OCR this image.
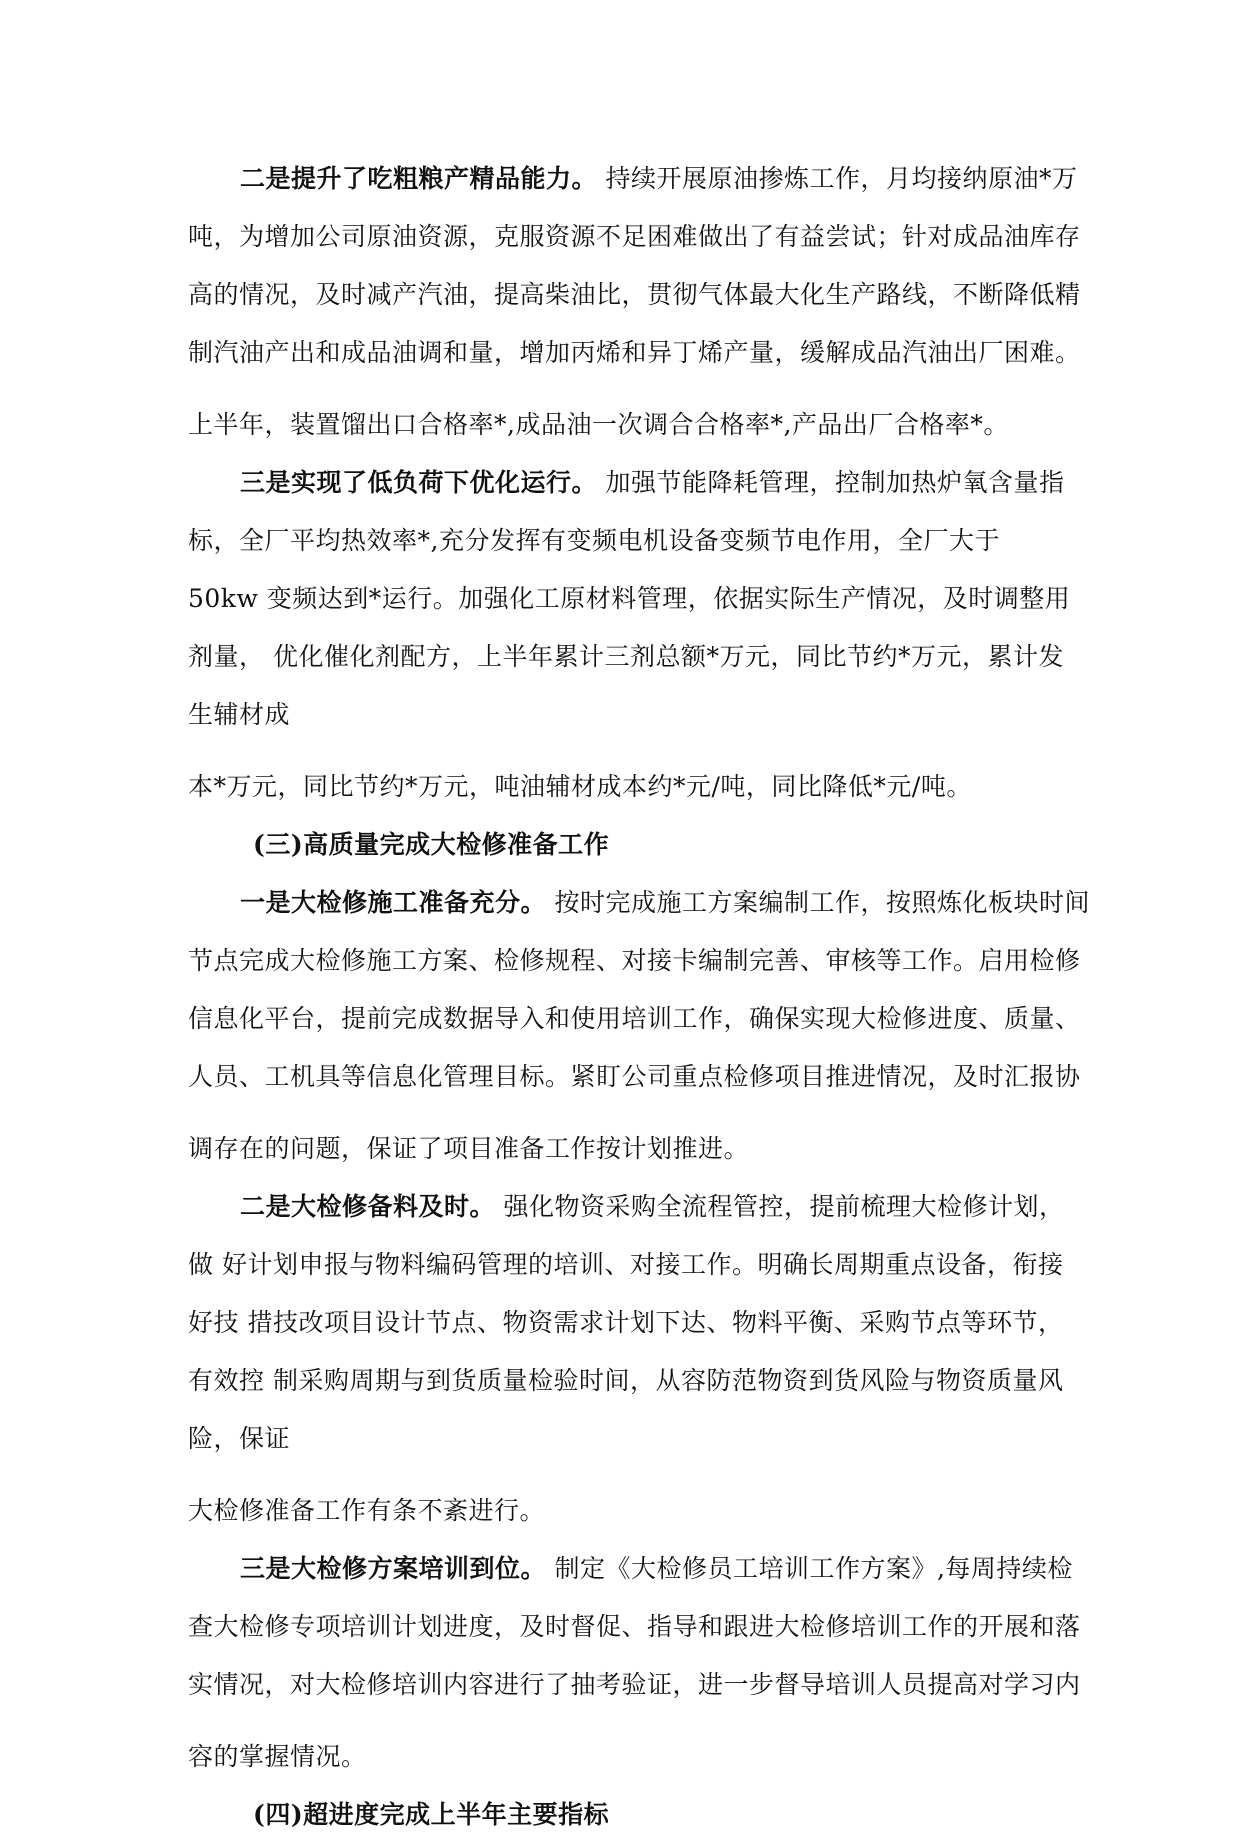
二是提升了吃粗粮产精品能力。 持续开展原油掺炼工作，月均接纳原油*万
吨，为增加公司原油资源，克服资源不足困难做出了有益尝试；针对成品油库存
高的情况，及时减产汽油，提高柴油比，贯彻气体最大化生产路线，不断降低精
制汽油产出和成品油调和量，增加丙烯和异丁烯产量，缓解成品汽油出厂困难。
上半年，装置馏出口合格率*,成品油一次调合合格率*,产品出厂合格率*。
三是实现了低负荷下优化运行。 加强节能降耗管理，控制加热炉氧含量指
标，全厂平均热效率*,充分发挥有变频电机设备变频节电作用，全厂大于
50kw 变频达到*运行。加强化工原材料管理，依据实际生产情况，及时调整用
剂量， 优化催化剂配方，上半年累计三剂总额*万元，同比节约*万元，累计发
生辅材成
本*万元，同比节约*万元，吨油辅材成本约*元/吨，同比降低*元/吨。
(三)高质量完成大检修准备工作
一是大检修施工准备充分。 按时完成施工方案编制工作，按照炼化板块时间
节点完成大检修施工方案、检修规程、对接卡编制完善、审核等工作。启用检修
信息化平台，提前完成数据导入和使用培训工作，确保实现大检修进度、质量、
人员、工机具等信息化管理目标。紧盯公司重点检修项目推进情况，及时汇报协
调存在的问题，保证了项目准备工作按计划推进。
二是大检修备料及时。 强化物资采购全流程管控，提前梳理大检修计划，
做 好计划申报与物料编码管理的培训、对接工作。明确长周期重点设备，衔接
好技 措技改项目设计节点、物资需求计划下达、物料平衡、采购节点等环节，
有效控 制采购周期与到货质量检验时间，从容防范物资到货风险与物资质量风
险，保证
大检修准备工作有条不紊进行。
三是大检修方案培训到位。 制定《大检修员工培训工作方案》,每周持续检
查大检修专项培训计划进度，及时督促、指导和跟进大检修培训工作的开展和落
实情况，对大检修培训内容进行了抽考验证，进一步督导培训人员提高对学习内
容的掌握情况。
(四)超进度完成上半年主要指标
